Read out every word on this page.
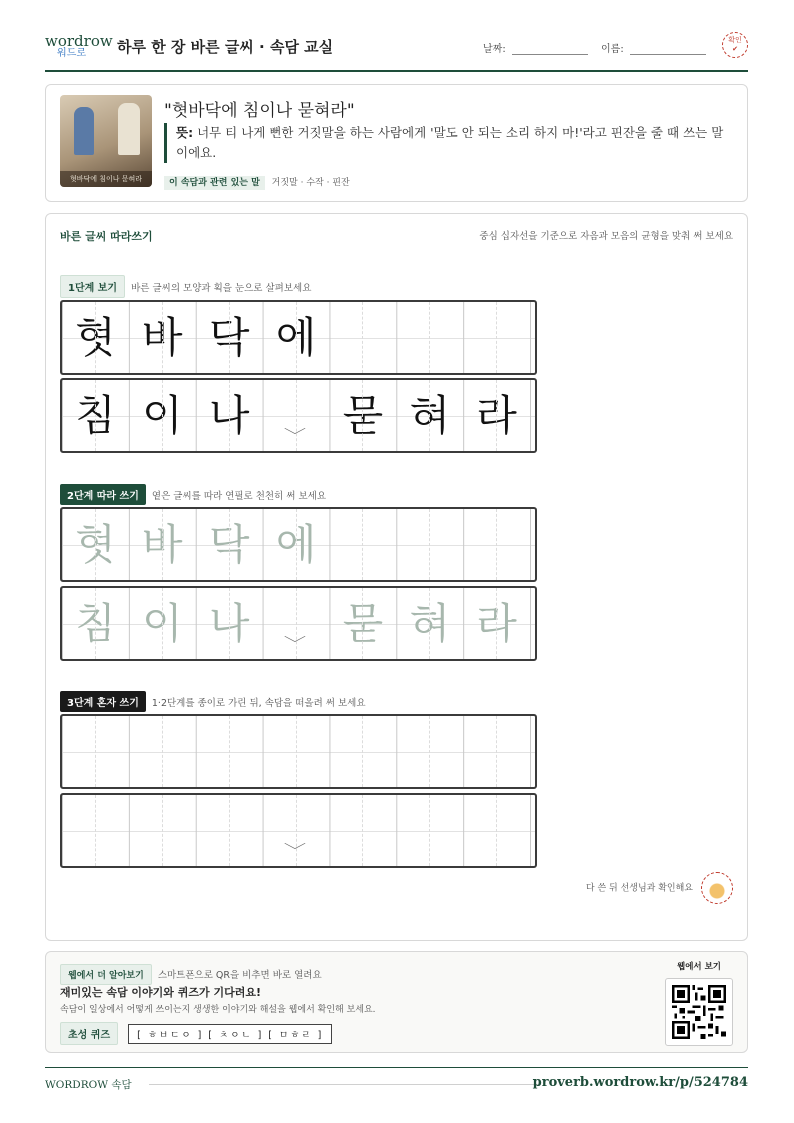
wordrow
워드로	하루 한 장 바른 글씨 · 속담 교실	날짜:	이름:
확인
✔
혓바닥에 침이나 묻혀라
"혓바닥에 침이나 묻혀라"
뜻: 너무 티 나게 뻔한 거짓말을 하는 사람에게 '말도 안 되는 소리 하지 마!'라고 핀잔을 줄 때 쓰는 말이에요.
이 속담과 관련 있는 말 거짓말 · 수작 · 핀잔
바른 글씨 따라쓰기	중심 십자선을 기준으로 자음과 모음의 균형을 맞춰 써 보세요
1단계 보기 바른 글씨의 모양과 획을 눈으로 살펴보세요
혓 바 닥 에
침 이 나	묻 혀 라
﹀
2단계 따라 쓰기 옅은 글씨를 따라 연필로 천천히 써 보세요
혓 바 닥 에
침 이 나	묻 혀 라
﹀
3단계 혼자 쓰기 1·2단계를 종이로 가린 뒤, 속담을 떠올려 써 보세요
﹀
다 쓴 뒤 선생님과 확인해요
웹에서 더 알아보기 스마트폰으로 QR을 비추면 바로 열려요
재미있는 속담 이야기와 퀴즈가 기다려요!
속담이 일상에서 어떻게 쓰이는지 생생한 이야기와 해설을 웹에서 확인해 보세요.
초성 퀴즈	[ ㅎㅂㄷㅇ ] [ ㅊㅇㄴ ] [ ㅁㅎㄹ ]
웹에서 보기
WORDROW 속담	proverb.wordrow.kr/p/524784
